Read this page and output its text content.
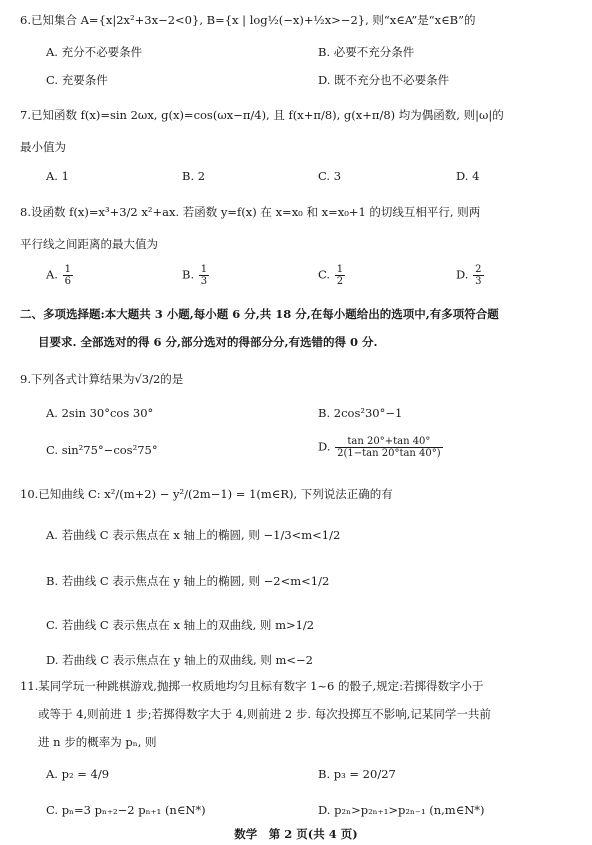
6.已知集合 A={x|2x²+3x−2<0}, B={x | log½(−x)+½x>−2}, 则“x∈A”是“x∈B”的
A. 充分不必要条件	B. 必要不充分条件
C. 充要条件	D. 既不充分也不必要条件
7.已知函数 f(x)=sin 2ωx, g(x)=cos(ωx−π/4), 且 f(x+π/8), g(x+π/8) 均为偶函数, 则|ω|的
最小值为
A. 1	B. 2	C. 3	D. 4
8.设函数 f(x)=x³+3/2 x²+ax. 若函数 y=f(x) 在 x=x₀ 和 x=x₀+1 的切线互相平行, 则两
平行线之间距离的最大值为
A. $\frac{1}{6}$	B. $\frac{1}{3}$	C. $\frac{1}{2}$	D. $\frac{2}{3}$
二、多项选择题:本大题共 3 小题,每小题 6 分,共 18 分,在每小题给出的选项中,有多项符合题
目要求. 全部选对的得 6 分,部分选对的得部分分,有选错的得 0 分.
9.下列各式计算结果为√3/2的是
A. 2sin 30°cos 30°	B. 2cos²30°−1
C. sin²75°−cos²75°	D. $\frac{\tan 20^\circ+\tan 40^\circ}{2(1-\tan 20^\circ\tan 40^\circ)}$
10.已知曲线 C: x²/(m+2) − y²/(2m−1) = 1(m∈R), 下列说法正确的有
A. 若曲线 C 表示焦点在 x 轴上的椭圆, 则 −1/3<m<1/2
B. 若曲线 C 表示焦点在 y 轴上的椭圆, 则 −2<m<1/2
C. 若曲线 C 表示焦点在 x 轴上的双曲线, 则 m>1/2
D. 若曲线 C 表示焦点在 y 轴上的双曲线, 则 m<−2
11.某同学玩一种跳棋游戏,抛掷一枚质地均匀且标有数字 1~6 的骰子,规定:若掷得数字小于
或等于 4,则前进 1 步;若掷得数字大于 4,则前进 2 步. 每次投掷互不影响,记某同学一共前
进 n 步的概率为 pₙ, 则
A. p₂ = 4/9	B. p₃ = 20/27
C. pₙ=3 pₙ₊₂−2 pₙ₊₁ (n∈N*)	D. p₂ₙ>p₂ₙ₊₁>p₂ₙ₋₁ (n,m∈N*)
数学　第 2 页(共 4 页)
